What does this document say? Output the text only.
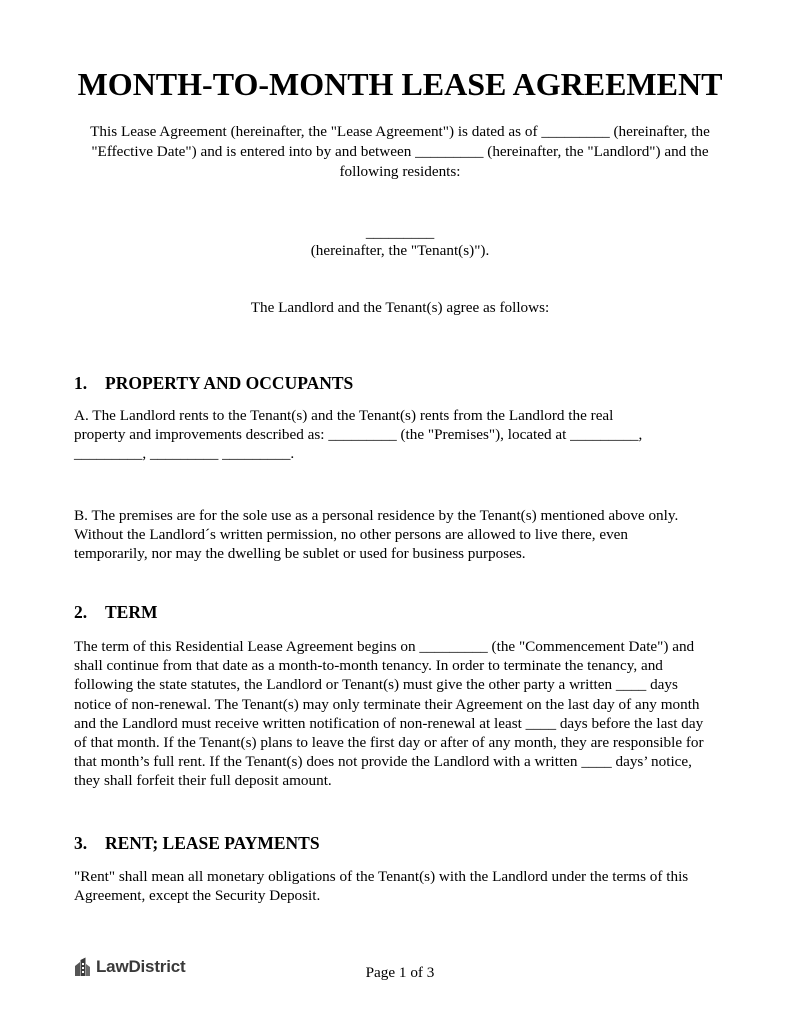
MONTH-TO-MONTH LEASE AGREEMENT

This Lease Agreement (hereinafter, the "Lease Agreement") is dated as of _________ (hereinafter, the

"Effective Date") and is entered into by and between _________ (hereinafter, the "Landlord") and the

following residents:

_________
(hereinafter, the "Tenant(s)").
The Landlord and the Tenant(s) agree as follows:
1. PROPERTY AND OCCUPANTS
A. The Landlord rents to the Tenant(s) and the Tenant(s) rents from the Landlord the real
property and improvements described as: _________ (the "Premises"), located at _________,
_________, _________ _________.
B. The premises are for the sole use as a personal residence by the Tenant(s) mentioned above only.
Without the Landlord´s written permission, no other persons are allowed to live there, even
temporarily, nor may the dwelling be sublet or used for business purposes.
2. TERM
The term of this Residential Lease Agreement begins on _________ (the "Commencement Date") and
shall continue from that date as a month-to-month tenancy. In order to terminate the tenancy, and
following the state statutes, the Landlord or Tenant(s) must give the other party a written ____ days
notice of non-renewal. The Tenant(s) may only terminate their Agreement on the last day of any month
and the Landlord must receive written notification of non-renewal at least ____ days before the last day
of that month. If the Tenant(s) plans to leave the first day or after of any month, they are responsible for
that month’s full rent. If the Tenant(s) does not provide the Landlord with a written ____ days’ notice,
they shall forfeit their full deposit amount.
3. RENT; LEASE PAYMENTS
"Rent" shall mean all monetary obligations of the Tenant(s) with the Landlord under the terms of this
Agreement, except the Security Deposit.
LawDistrict	Page 1 of 3
